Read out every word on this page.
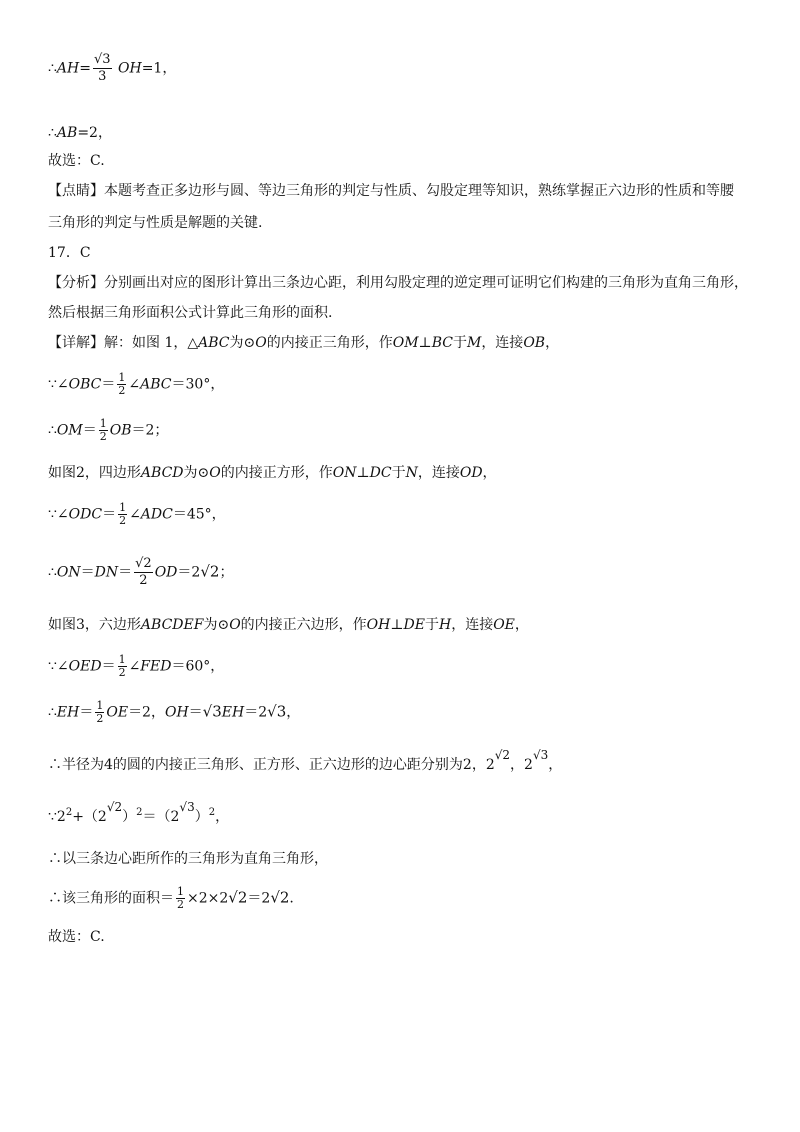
∴AH= $\frac{√3}{3} OH=1$，
∴AB=2，
故选：C.
【点睛】本题考查正多边形与圆、等边三角形的判定与性质、勾股定理等知识，熟练掌握正六边形的性质和等腰
三角形的判定与性质是解题的关键.
17．C
【分析】分别画出对应的图形计算出三条边心距，利用勾股定理的逆定理可证明它们构建的三角形为直角三角形，
然后根据三角形面积公式计算此三角形的面积.
【详解】解：如图 1，△ABC为⊙O的内接正三角形，作OM⊥BC于M，连接OB，
∵∠OBC＝ $\frac{1}{2}$ ∠ABC＝30°，
∴OM＝ $\frac{1}{2} OB=2$；
如图2，四边形ABCD为⊙O的内接正方形，作ON⊥DC于N，连接OD，
∵∠ODC＝ $\frac{1}{2}$ ∠ADC＝45°，
∴ON＝DN＝ $\frac{√2}{2} OD=2√2$；
如图3，六边形ABCDEF为⊙O的内接正六边形，作OH⊥DE于H，连接OE，
∵∠OED＝ $\frac{1}{2}$ ∠FED＝60°，
∴EH＝ $\frac{1}{2} OE=2$，OH＝√3EH＝2√3，
∴半径为4的圆的内接正三角形、正方形、正六边形的边心距分别为2，2√2，2√3，
$\because 2^2+(2√2)^2=(2√3)^2$，
∴以三条边心距所作的三角形为直角三角形，
∴该三角形的面积＝ $\frac{1}{2} \times 2\times 2√2=2√2$.
故选：C.
